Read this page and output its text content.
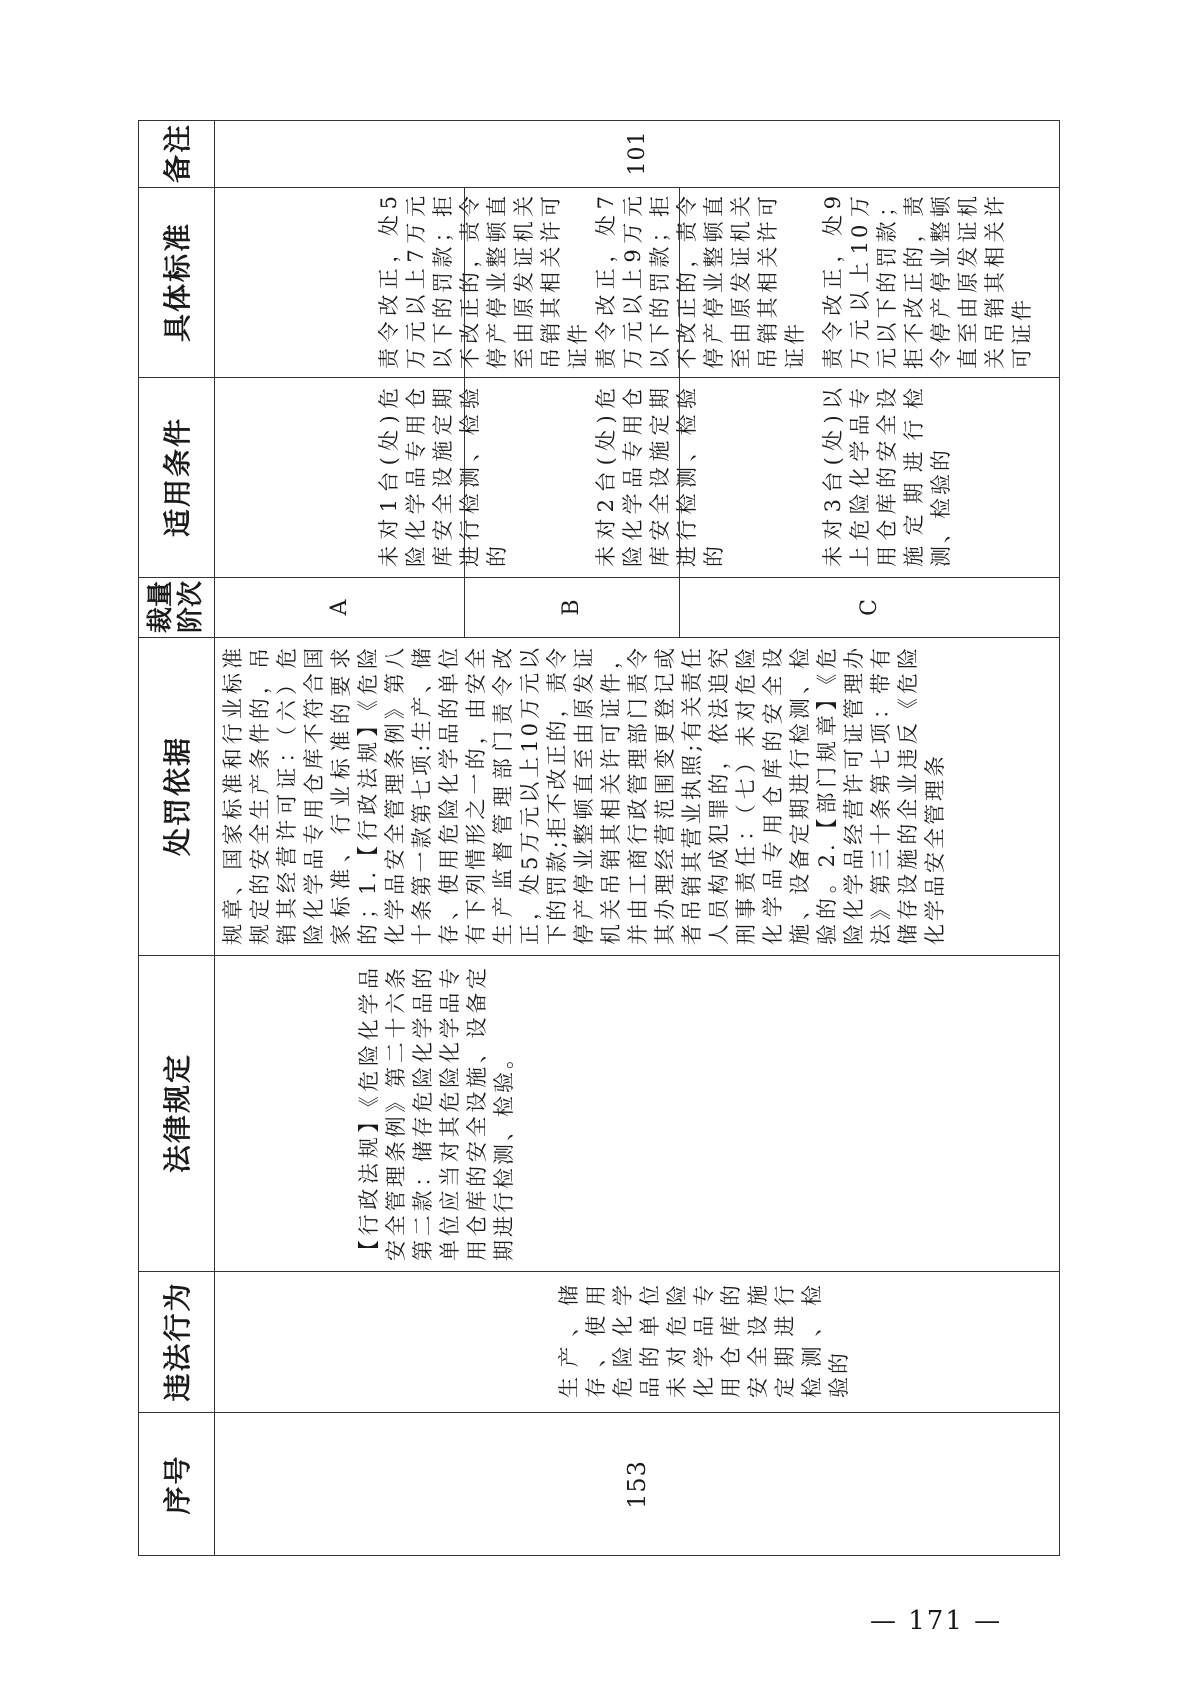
序号	153
违法行为	生产、储存、使用危险化学品的单位未对危险化学品专用仓库的安全设施定期进行检测、检验的
法律规定	【行政法规】《危险化学品安全管理条例》第二十六条第二款：储存危险化学品的单位应当对其危险化学品专用仓库的安全设施、设备定期进行检测、检验。
处罚依据	规章、国家标准和行业标准规定的安全生产条件的，吊销其经营许可证：（六）危险化学品专用仓库不符合国家标准、行业标准的要求的；1.【行政法规】《危险化学品安全管理条例》第八十条第一款第七项:生产、储存、使用危险化学品的单位有下列情形之一的，由安全生产监督管理部门责令改正，处5万元以上10万元以下的罚款;拒不改正的，责令停产停业整顿直至由原发证机关吊销其相关许可证件，并由工商行政管理部门责令其办理经营范围变更登记或者吊销其营业执照;有关责任人员构成犯罪的，依法追究刑事责任：（七）未对危险化学品专用仓库的安全设施、设备定期进行检测、检验的。2.【部门规章】《危险化学品经营许可证管理办法》第三十条第七项：带有储存设施的企业违反《危险化学品安全管理条
裁量 阶次	A	B	C
适用条件	未对1台(处)危险化学品专用仓库安全设施定期进行检测、检验的	未对2台(处)危险化学品专用仓库安全设施定期进行检测、检验的	未对3台(处)以上危险化学品专用仓库的安全设施定期进行检测、检验的
具体标准	责令改正，处5万元以上7万元以下的罚款；拒不改正的，责令停产停业整顿直至由原发证机关吊销其相关许可证件 责令改正，处7万元以上9万元以下的罚款；拒不改正的，责令停产停业整顿直至由原发证机关吊销其相关许可证件 责令改正，处9万元以上10万元以下的罚款；拒不改正的，责令停产停业整顿直至由原发证机关吊销其相关许可证件
备注	101
— 171 —
